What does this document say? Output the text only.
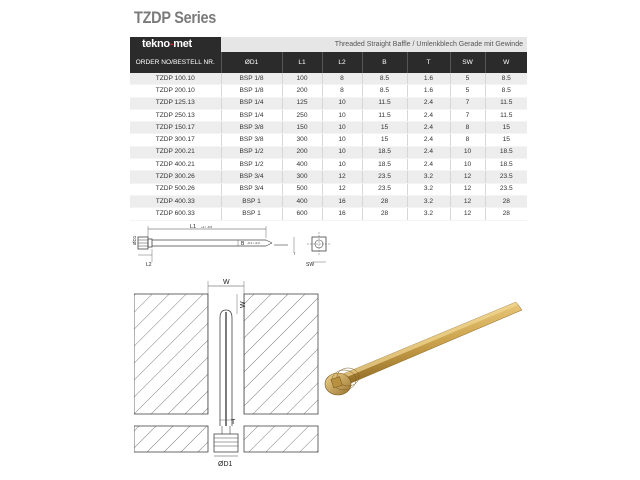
TZDP Series
tekno-met	Threaded Straight Baffle / Umlenkblech Gerade mit Gewinde
ORDER NO/BESTELL NR.	ØD1	L1	L2	B	T	SW	W
TZDP 100.10	BSP 1/8	100	8	8.5	1.6	5	8.5
TZDP 200.10	BSP 1/8	200	8	8.5	1.6	5	8.5
TZDP 125.13	BSP 1/4	125	10	11.5	2.4	7	11.5
TZDP 250.13	BSP 1/4	250	10	11.5	2.4	7	11.5
TZDP 150.17	BSP 3/8	150	10	15	2.4	8	15
TZDP 300.17	BSP 3/8	300	10	15	2.4	8	15
TZDP 200.21	BSP 1/2	200	10	18.5	2.4	10	18.5
TZDP 400.21	BSP 1/2	400	10	18.5	2.4	10	18.5
TZDP 300.26	BSP 3/4	300	12	23.5	3.2	12	23.5
TZDP 500.26	BSP 3/4	500	12	23.5	3.2	12	23.5
TZDP 400.33	BSP 1	400	16	28	3.2	12	28
TZDP 600.33	BSP 1	600	16	28	3.2	12	28
L1 +1 / -0.5
B -0.1 / -0.2
ØD1
L2
T
SW
W
W
T
ØD1
